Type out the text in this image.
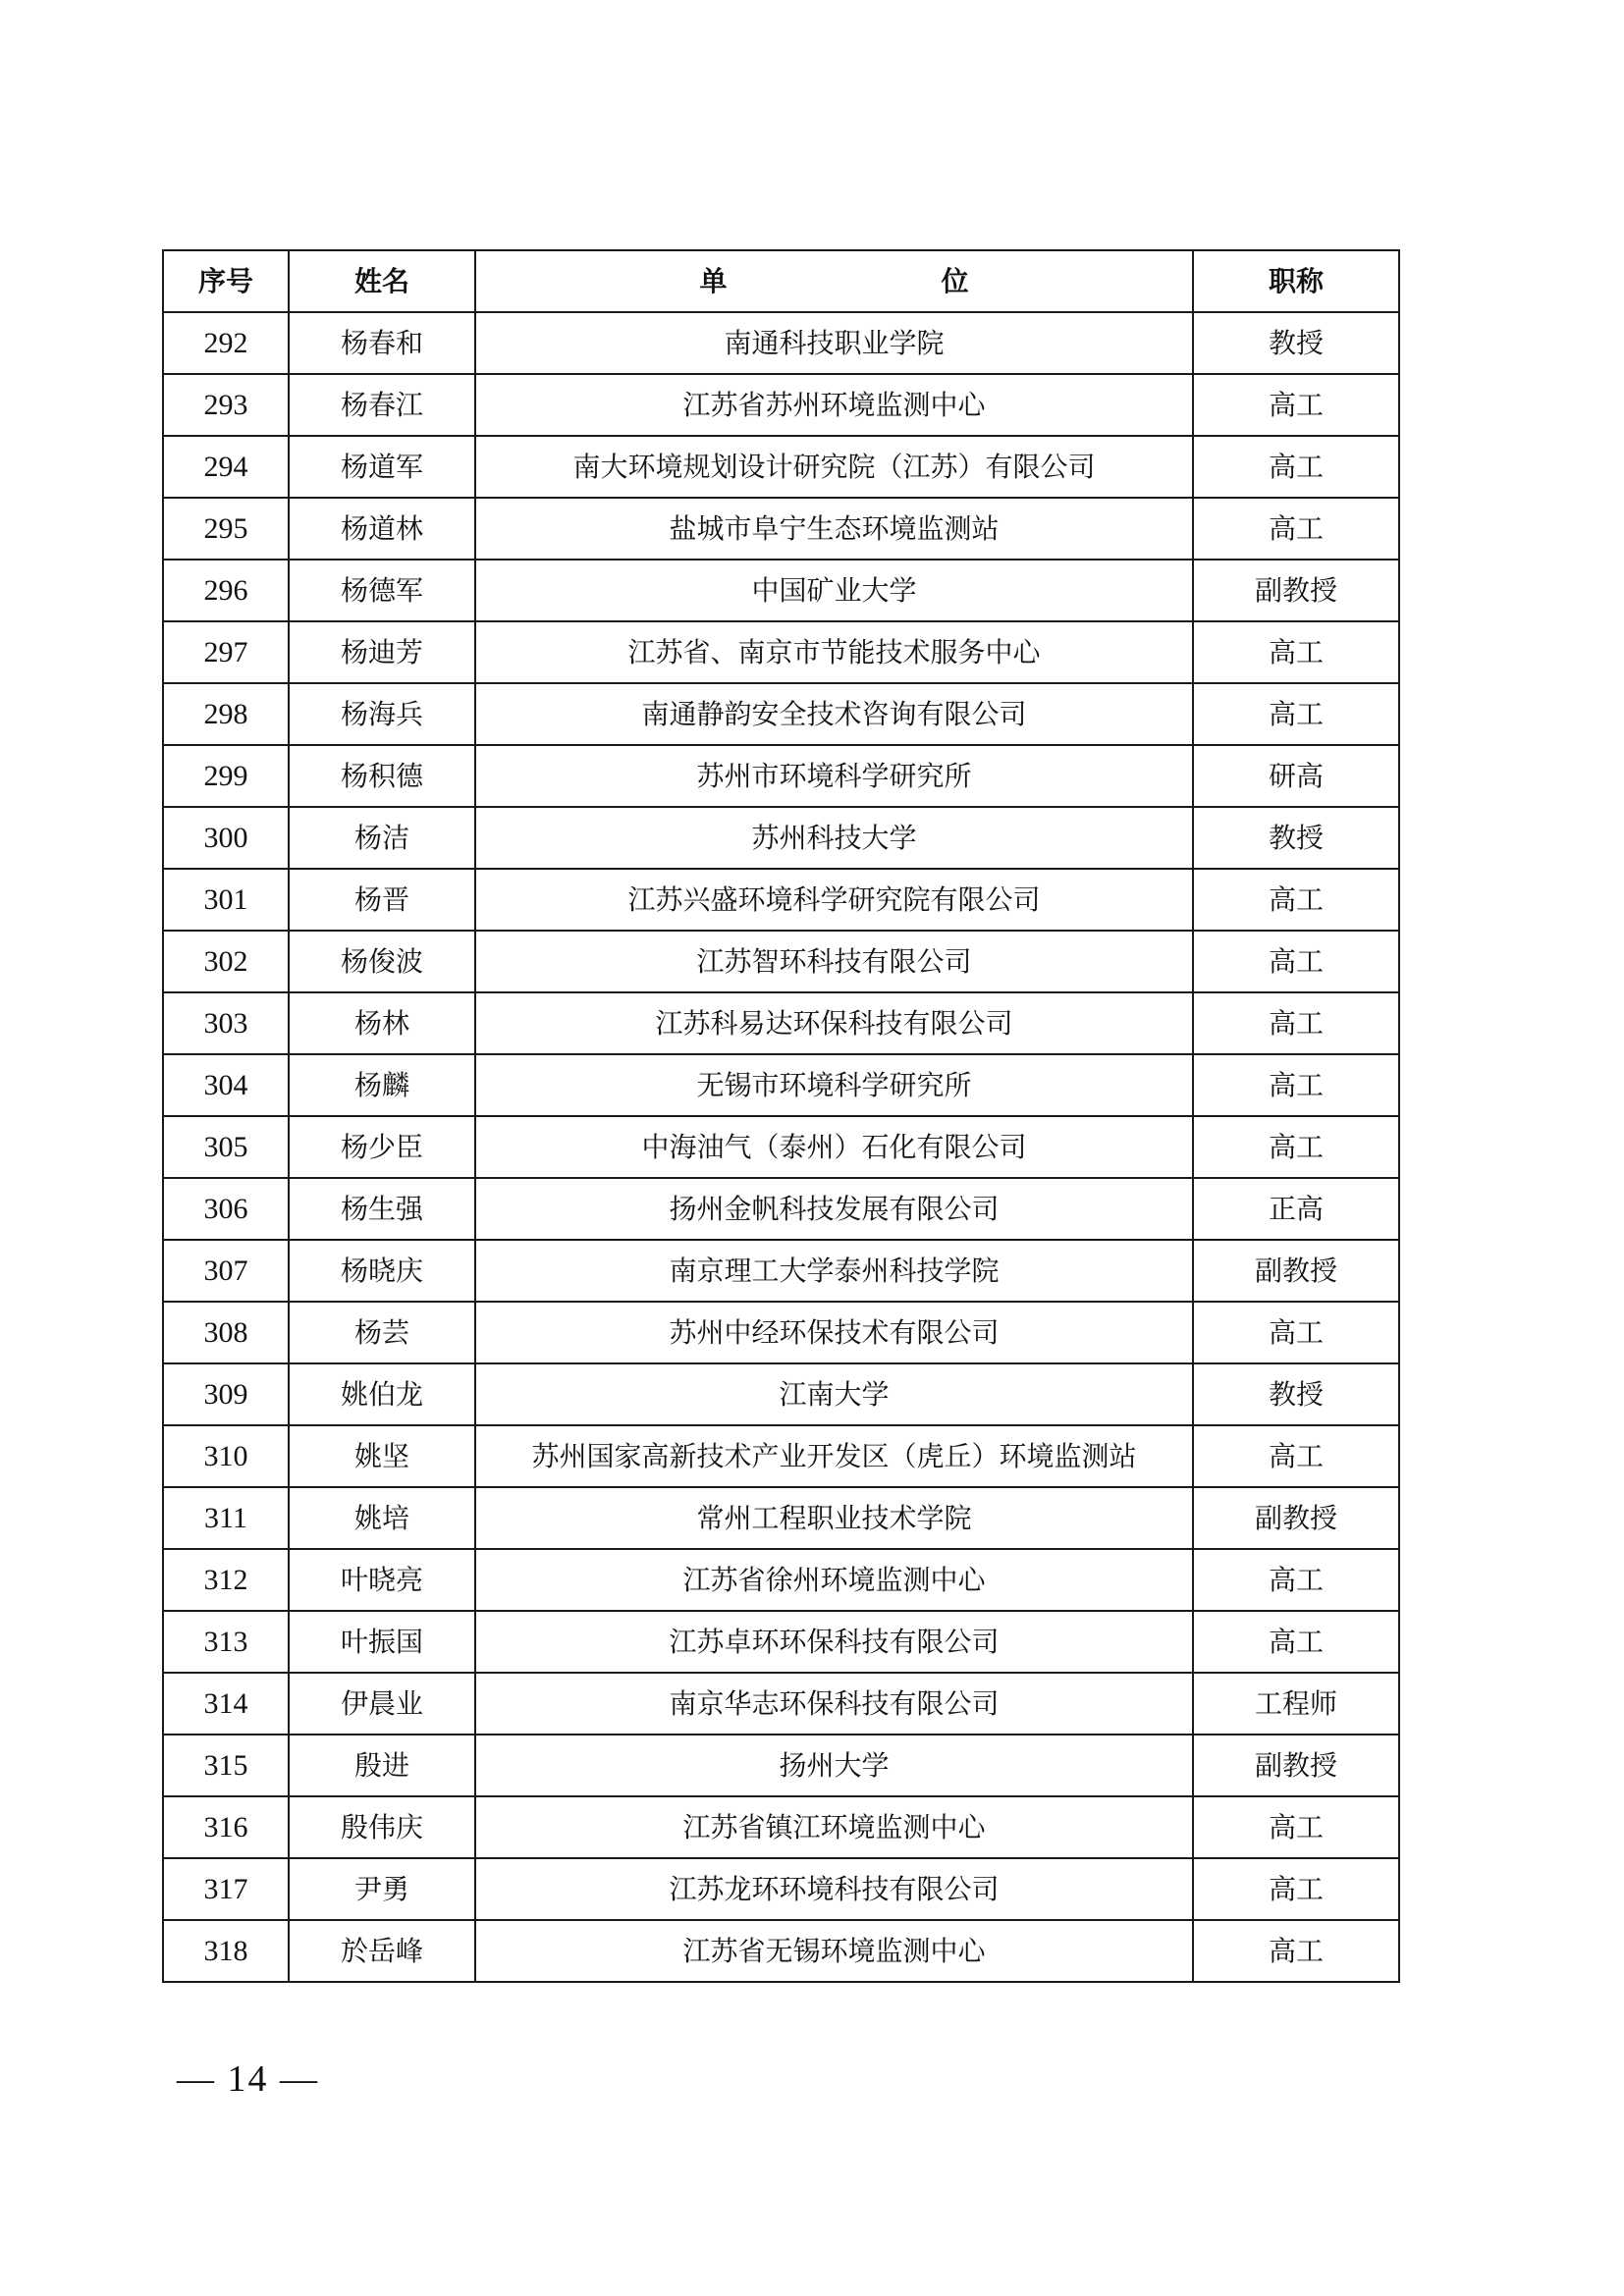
序号	姓名	单　　位	职称
292	杨春和	南通科技职业学院	教授
293	杨春江	江苏省苏州环境监测中心	高工
294	杨道军	南大环境规划设计研究院（江苏）有限公司	高工
295	杨道林	盐城市阜宁生态环境监测站	高工
296	杨德军	中国矿业大学	副教授
297	杨迪芳	江苏省、南京市节能技术服务中心	高工
298	杨海兵	南通静韵安全技术咨询有限公司	高工
299	杨积德	苏州市环境科学研究所	研高
300	杨洁	苏州科技大学	教授
301	杨晋	江苏兴盛环境科学研究院有限公司	高工
302	杨俊波	江苏智环科技有限公司	高工
303	杨林	江苏科易达环保科技有限公司	高工
304	杨麟	无锡市环境科学研究所	高工
305	杨少臣	中海油气（泰州）石化有限公司	高工
306	杨生强	扬州金帆科技发展有限公司	正高
307	杨晓庆	南京理工大学泰州科技学院	副教授
308	杨芸	苏州中经环保技术有限公司	高工
309	姚伯龙	江南大学	教授
310	姚坚	苏州国家高新技术产业开发区（虎丘）环境监测站	高工
311	姚培	常州工程职业技术学院	副教授
312	叶晓亮	江苏省徐州环境监测中心	高工
313	叶振国	江苏卓环环保科技有限公司	高工
314	伊晨业	南京华志环保科技有限公司	工程师
315	殷进	扬州大学	副教授
316	殷伟庆	江苏省镇江环境监测中心	高工
317	尹勇	江苏龙环环境科技有限公司	高工
318	於岳峰	江苏省无锡环境监测中心	高工
— 14 —
